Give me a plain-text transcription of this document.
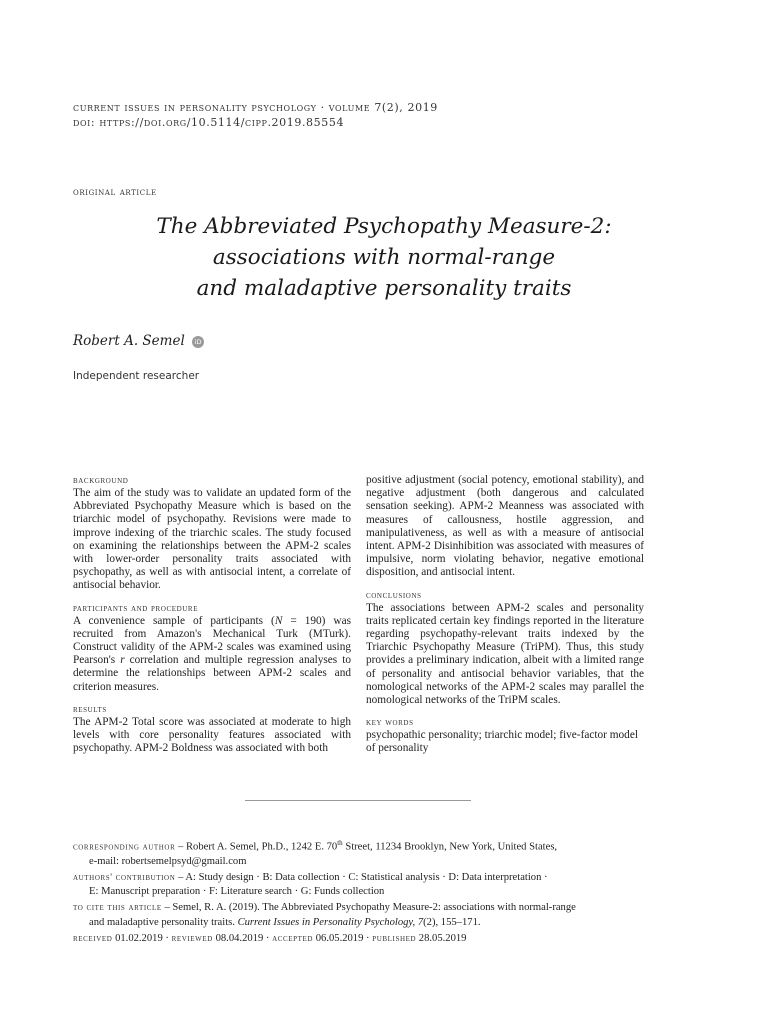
current issues in personality psychology · volume 7(2), 2019
doi: https://doi.org/10.5114/cipp.2019.85554
original article
The Abbreviated Psychopathy Measure-2:
associations with normal-range
and maladaptive personality traits
Robert A. Semel iD
Independent researcher
background

The aim of the study was to validate an updated form of the Abbreviated Psychopathy Measure which is based on the triarchic model of psychopathy. Revisions were made to improve indexing of the triarchic scales. The study focused on examining the relationships between the APM-2 scales with lower-order personality traits associated with psychopathy, as well as with antisocial intent, a correlate of antisocial behavior.

participants and procedure

A convenience sample of participants (N = 190) was recruited from Amazon's Mechanical Turk (MTurk). Construct validity of the APM-2 scales was examined using Pearson's r correlation and multiple regression analyses to determine the relationships between APM-2 scales and criterion measures.

results

The APM-2 Total score was associated at moderate to high levels with core personality features associated with psychopathy. APM-2 Boldness was associated with both

positive adjustment (social potency, emotional stability), and negative adjustment (both dangerous and calculated sensation seeking). APM-2 Meanness was associated with measures of callousness, hostile aggression, and manipulativeness, as well as with a measure of antisocial intent. APM-2 Disinhibition was associated with measures of impulsive, norm violating behavior, negative emotional disposition, and antisocial intent.

conclusions

The associations between APM-2 scales and personality traits replicated certain key findings reported in the literature regarding psychopathy-relevant traits indexed by the Triarchic Psychopathy Measure (TriPM). Thus, this study provides a preliminary indication, albeit with a limited range of personality and antisocial behavior variables, that the nomological networks of the APM-2 scales may parallel the nomological networks of the TriPM scales.

key words

psychopathic personality; triarchic model; five-factor model of personality

corresponding author – Robert A. Semel, Ph.D., 1242 E. 70th Street, 11234 Brooklyn, New York, United States,
e-mail: robertsemelpsyd@gmail.com
authors' contribution – A: Study design · B: Data collection · C: Statistical analysis · D: Data interpretation ·
E: Manuscript preparation · F: Literature search · G: Funds collection
to cite this article – Semel, R. A. (2019). The Abbreviated Psychopathy Measure-2: associations with normal-range
and maladaptive personality traits. Current Issues in Personality Psychology, 7(2), 155–171.
received 01.02.2019 · reviewed 08.04.2019 · accepted 06.05.2019 · published 28.05.2019
